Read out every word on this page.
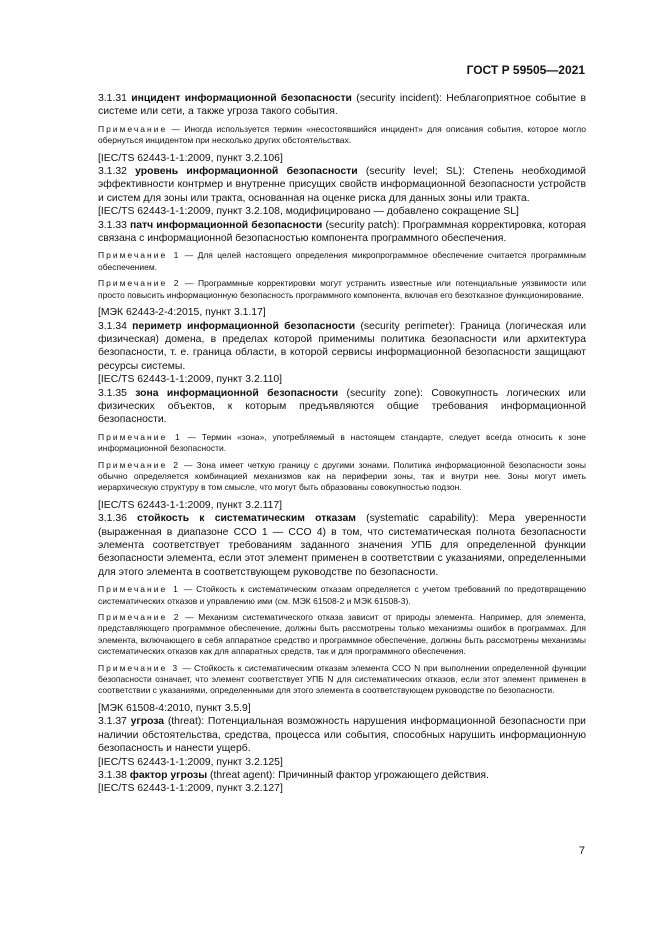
ГОСТ Р 59505—2021

3.1.31 инцидент информационной безопасности (security incident): Неблагоприятное событие в системе или сети, а также угроза такого события.

Примечание — Иногда используется термин «несостоявшийся инцидент» для описания события, которое могло обернуться инцидентом при несколько других обстоятельствах.

[IEC/TS 62443-1-1:2009, пункт 3.2.106]

3.1.32 уровень информационной безопасности (security level; SL): Степень необходимой эффективности контрмер и внутренне присущих свойств информационной безопасности устройств и систем для зоны или тракта, основанная на оценке риска для данных зоны или тракта.

[IEC/TS 62443-1-1:2009, пункт 3.2.108, модифицировано — добавлено сокращение SL]

3.1.33 патч информационной безопасности (security patch): Программная корректировка, которая связана с информационной безопасностью компонента программного обеспечения.

Примечание 1 — Для целей настоящего определения микропрограммное обеспечение считается программным обеспечением.

Примечание 2 — Программные корректировки могут устранить известные или потенциальные уязвимости или просто повысить информационную безопасность программного компонента, включая его безотказное функционирование.

[МЭК 62443-2-4:2015, пункт 3.1.17]

3.1.34 периметр информационной безопасности (security perimeter): Граница (логическая или физическая) домена, в пределах которой применимы политика безопасности или архитектура безопасности, т. е. граница области, в которой сервисы информационной безопасности защищают ресурсы системы.

[IEC/TS 62443-1-1:2009, пункт 3.2.110]

3.1.35 зона информационной безопасности (security zone): Совокупность логических или физических объектов, к которым предъявляются общие требования информационной безопасности.

Примечание 1 — Термин «зона», употребляемый в настоящем стандарте, следует всегда относить к зоне информационной безопасности.

Примечание 2 — Зона имеет четкую границу с другими зонами. Политика информационной безопасности зоны обычно определяется комбинацией механизмов как на периферии зоны, так и внутри нее. Зоны могут иметь иерархическую структуру в том смысле, что могут быть образованы совокупностью подзон.

[IEC/TS 62443-1-1:2009, пункт 3.2.117]

3.1.36 стойкость к систематическим отказам (systematic capability): Мера уверенности (выраженная в диапазоне CCO 1 — CCO 4) в том, что систематическая полнота безопасности элемента соответствует требованиям заданного значения УПБ для определенной функции безопасности элемента, если этот элемент применен в соответствии с указаниями, определенными для этого элемента в соответствующем руководстве по безопасности.

Примечание 1 — Стойкость к систематическим отказам определяется с учетом требований по предотвращению систематических отказов и управлению ими (см. МЭК 61508-2 и МЭК 61508-3).

Примечание 2 — Механизм систематического отказа зависит от природы элемента. Например, для элемента, представляющего программное обеспечение, должны быть рассмотрены только механизмы ошибок в программах. Для элемента, включающего в себя аппаратное средство и программное обеспечение, должны быть рассмотрены механизмы систематических отказов как для аппаратных средств, так и для программного обеспечения.

Примечание 3 — Стойкость к систематическим отказам элемента CCO N при выполнении определенной функции безопасности означает, что элемент соответствует УПБ N для систематических отказов, если этот элемент применен в соответствии с указаниями, определенными для этого элемента в соответствующем руководстве по безопасности.

[МЭК 61508-4:2010, пункт 3.5.9]

3.1.37 угроза (threat): Потенциальная возможность нарушения информационной безопасности при наличии обстоятельства, средства, процесса или события, способных нарушить информационную безопасность и нанести ущерб.

[IEC/TS 62443-1-1:2009, пункт 3.2.125]

3.1.38 фактор угрозы (threat agent): Причинный фактор угрожающего действия.

[IEC/TS 62443-1-1:2009, пункт 3.2.127]

7
